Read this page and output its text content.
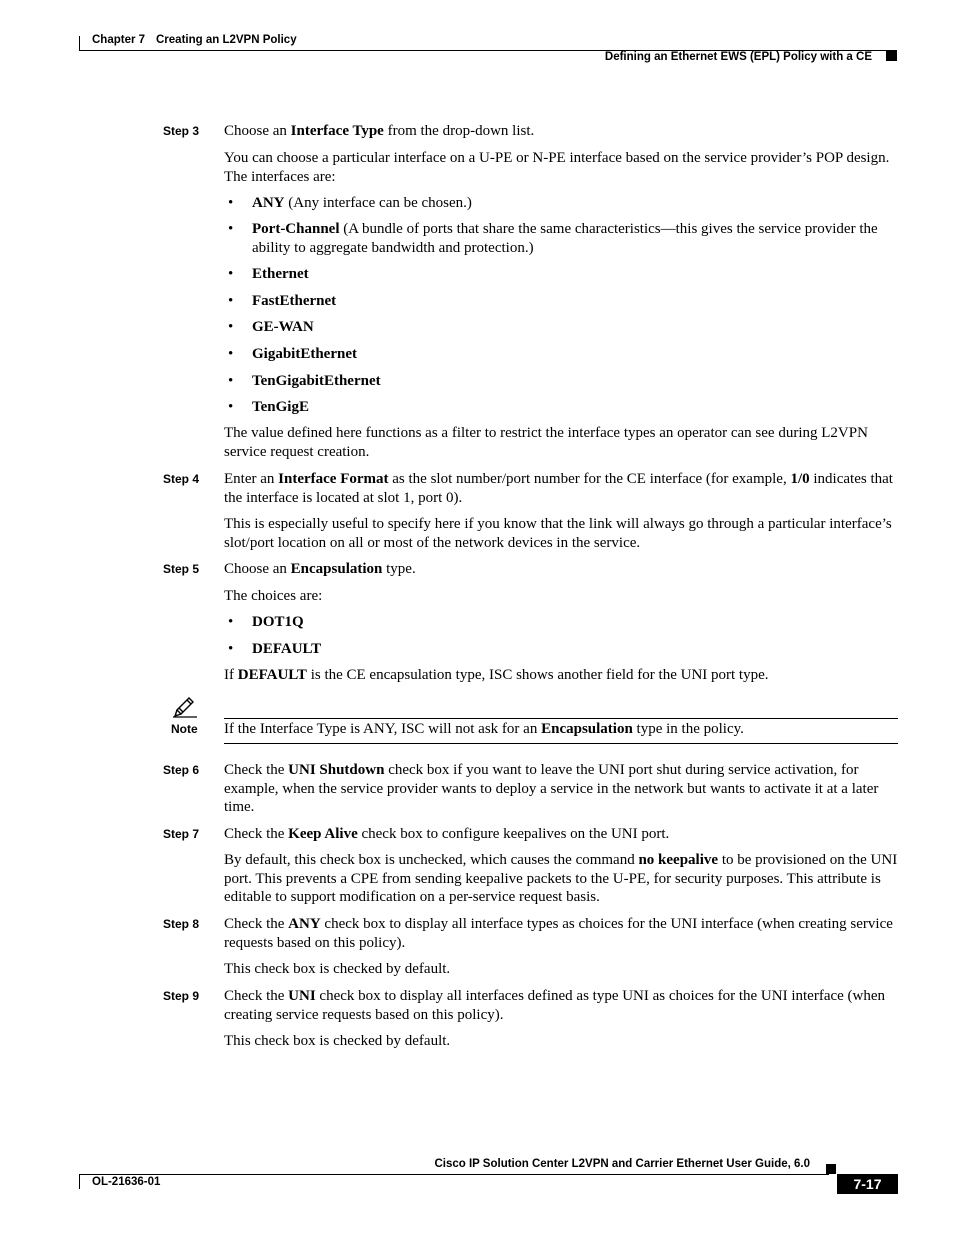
Chapter 7 Creating an L2VPN Policy
Defining an Ethernet EWS (EPL) Policy with a CE
Step 3 Choose an Interface Type from the drop-down list.

You can choose a particular interface on a U-PE or N-PE interface based on the service provider’s POP design. The interfaces are:

• ANY (Any interface can be chosen.)
• Port-Channel (A bundle of ports that share the same characteristics—this gives the service provider the ability to aggregate bandwidth and protection.)
• Ethernet
• FastEthernet
• GE-WAN
• GigabitEthernet
• TenGigabitEthernet
• TenGigE

The value defined here functions as a filter to restrict the interface types an operator can see during L2VPN service request creation.

Step 4 Enter an Interface Format as the slot number/port number for the CE interface (for example, 1/0 indicates that the interface is located at slot 1, port 0).

This is especially useful to specify here if you know that the link will always go through a particular interface’s slot/port location on all or most of the network devices in the service.

Step 5 Choose an Encapsulation type.

The choices are:

• DOT1Q
• DEFAULT

If DEFAULT is the CE encapsulation type, ISC shows another field for the UNI port type.

Note If the Interface Type is ANY, ISC will not ask for an Encapsulation type in the policy.

Step 6 Check the UNI Shutdown check box if you want to leave the UNI port shut during service activation, for example, when the service provider wants to deploy a service in the network but wants to activate it at a later time.

Step 7 Check the Keep Alive check box to configure keepalives on the UNI port.

By default, this check box is unchecked, which causes the command no keepalive to be provisioned on the UNI port. This prevents a CPE from sending keepalive packets to the U-PE, for security purposes. This attribute is editable to support modification on a per-service request basis.

Step 8 Check the ANY check box to display all interface types as choices for the UNI interface (when creating service requests based on this policy).

This check box is checked by default.

Step 9 Check the UNI check box to display all interfaces defined as type UNI as choices for the UNI interface (when creating service requests based on this policy).

This check box is checked by default.

Cisco IP Solution Center L2VPN and Carrier Ethernet User Guide, 6.0
OL-21636-01	7-17
